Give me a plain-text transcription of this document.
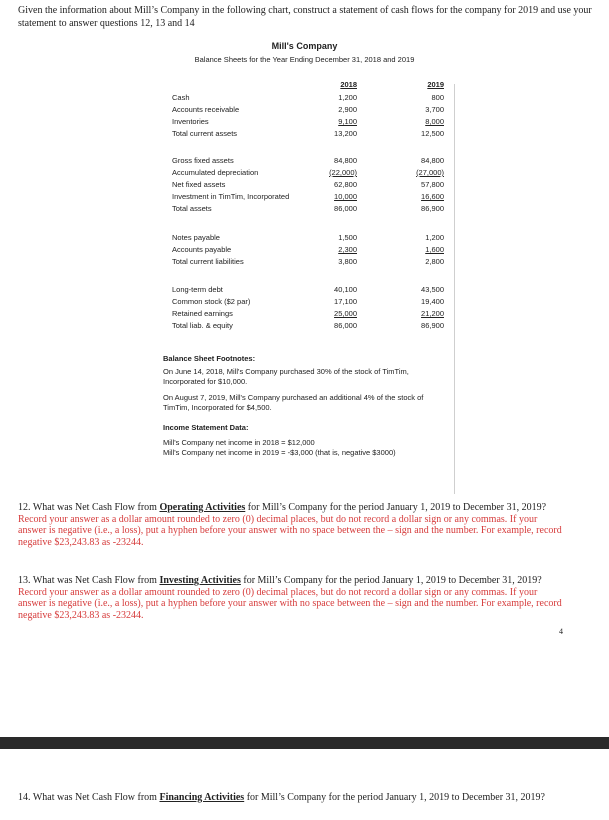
Given the information about Mill’s Company in the following chart, construct a statement of cash flows for the company for 2019 and use your statement to answer questions 12, 13 and 14
Mill's Company
Balance Sheets for the Year Ending December 31, 2018 and 2019
2018	2019
Cash	1,200	800
Accounts receivable	2,900	3,700
Inventories	9,100	8,000
Total current assets	13,200	12,500
Gross fixed assets	84,800	84,800
Accumulated depreciation	(22,000)	(27,000)
Net fixed assets	62,800	57,800
Investment in TimTim, Incorporated	10,000	16,600
Total assets	86,000	86,900
Notes payable	1,500	1,200
Accounts payable	2,300	1,600
Total current liabilities	3,800	2,800
Long-term debt	40,100	43,500
Common stock ($2 par)	17,100	19,400
Retained earnings	25,000	21,200
Total liab. & equity	86,000	86,900

Balance Sheet Footnotes:

On June 14, 2018, Mill's Company purchased 30% of the stock of TimTim, Incorporated for $10,000.

On August 7, 2019, Mill's Company purchased an additional 4% of the stock of TimTim, Incorporated for $4,500.

Income Statement Data:

Mill's Company net income in 2018 = $12,000

Mill's Company net income in 2019 = -$3,000 (that is, negative $3000)

12. What was Net Cash Flow from Operating Activities for Mill’s Company for the period January 1, 2019 to December 31, 2019?
Record your answer as a dollar amount rounded to zero (0) decimal places, but do not record a dollar sign or any commas. If your answer is negative (i.e., a loss), put a hyphen before your answer with no space between the – sign and the number. For example, record negative $23,243.83 as -23244.
13. What was Net Cash Flow from Investing Activities for Mill’s Company for the period January 1, 2019 to December 31, 2019?
Record your answer as a dollar amount rounded to zero (0) decimal places, but do not record a dollar sign or any commas. If your answer is negative (i.e., a loss), put a hyphen before your answer with no space between the – sign and the number. For example, record negative $23,243.83 as -23244.
4
14. What was Net Cash Flow from Financing Activities for Mill’s Company for the period January 1, 2019 to December 31, 2019?
